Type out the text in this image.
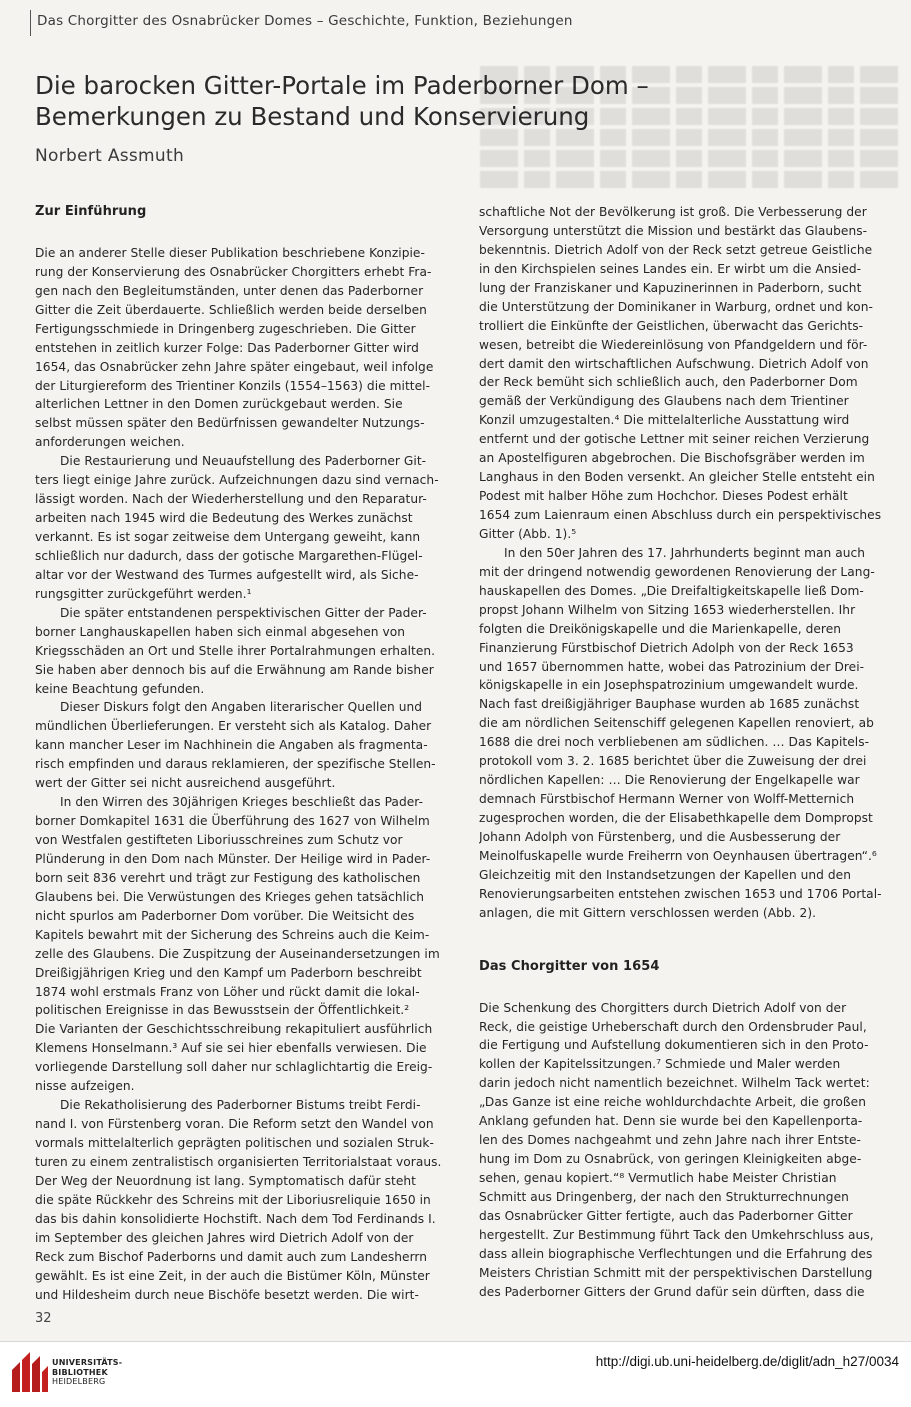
Das Chorgitter des Osnabrücker Domes – Geschichte, Funktion, Beziehungen
Die barocken Gitter-Portale im Paderborner Dom –
Bemerkungen zu Bestand und Konservierung
Norbert Assmuth
Zur Einführung
Die an anderer Stelle dieser Publikation beschriebene Konzipie-
rung der Konservierung des Osnabrücker Chorgitters erhebt Fra-
gen nach den Begleitumständen, unter denen das Paderborner
Gitter die Zeit überdauerte. Schließlich werden beide derselben
Fertigungsschmiede in Dringenberg zugeschrieben. Die Gitter
entstehen in zeitlich kurzer Folge: Das Paderborner Gitter wird
1654, das Osnabrücker zehn Jahre später eingebaut, weil infolge
der Liturgiereform des Trientiner Konzils (1554–1563) die mittel-
alterlichen Lettner in den Domen zurückgebaut werden. Sie
selbst müssen später den Bedürfnissen gewandelter Nutzungs-
anforderungen weichen.
Die Restaurierung und Neuaufstellung des Paderborner Git-
ters liegt einige Jahre zurück. Aufzeichnungen dazu sind vernach-
lässigt worden. Nach der Wiederherstellung und den Reparatur-
arbeiten nach 1945 wird die Bedeutung des Werkes zunächst
verkannt. Es ist sogar zeitweise dem Untergang geweiht, kann
schließlich nur dadurch, dass der gotische Margarethen-Flügel-
altar vor der Westwand des Turmes aufgestellt wird, als Siche-
rungsgitter zurückgeführt werden.¹
Die später entstandenen perspektivischen Gitter der Pader-
borner Langhauskapellen haben sich einmal abgesehen von
Kriegsschäden an Ort und Stelle ihrer Portalrahmungen erhalten.
Sie haben aber dennoch bis auf die Erwähnung am Rande bisher
keine Beachtung gefunden.
Dieser Diskurs folgt den Angaben literarischer Quellen und
mündlichen Überlieferungen. Er versteht sich als Katalog. Daher
kann mancher Leser im Nachhinein die Angaben als fragmenta-
risch empfinden und daraus reklamieren, der spezifische Stellen-
wert der Gitter sei nicht ausreichend ausgeführt.
In den Wirren des 30jährigen Krieges beschließt das Pader-
borner Domkapitel 1631 die Überführung des 1627 von Wilhelm
von Westfalen gestifteten Liboriusschreines zum Schutz vor
Plünderung in den Dom nach Münster. Der Heilige wird in Pader-
born seit 836 verehrt und trägt zur Festigung des katholischen
Glaubens bei. Die Verwüstungen des Krieges gehen tatsächlich
nicht spurlos am Paderborner Dom vorüber. Die Weitsicht des
Kapitels bewahrt mit der Sicherung des Schreins auch die Keim-
zelle des Glaubens. Die Zuspitzung der Auseinandersetzungen im
Dreißigjährigen Krieg und den Kampf um Paderborn beschreibt
1874 wohl erstmals Franz von Löher und rückt damit die lokal-
politischen Ereignisse in das Bewusstsein der Öffentlichkeit.²
Die Varianten der Geschichtsschreibung rekapituliert ausführlich
Klemens Honselmann.³ Auf sie sei hier ebenfalls verwiesen. Die
vorliegende Darstellung soll daher nur schlaglichtartig die Ereig-
nisse aufzeigen.
Die Rekatholisierung des Paderborner Bistums treibt Ferdi-
nand I. von Fürstenberg voran. Die Reform setzt den Wandel von
vormals mittelalterlich geprägten politischen und sozialen Struk-
turen zu einem zentralistisch organisierten Territorialstaat voraus.
Der Weg der Neuordnung ist lang. Symptomatisch dafür steht
die späte Rückkehr des Schreins mit der Liboriusreliquie 1650 in
das bis dahin konsolidierte Hochstift. Nach dem Tod Ferdinands I.
im September des gleichen Jahres wird Dietrich Adolf von der
Reck zum Bischof Paderborns und damit auch zum Landesherrn
gewählt. Es ist eine Zeit, in der auch die Bistümer Köln, Münster
und Hildesheim durch neue Bischöfe besetzt werden. Die wirt-
schaftliche Not der Bevölkerung ist groß. Die Verbesserung der
Versorgung unterstützt die Mission und bestärkt das Glaubens-
bekenntnis. Dietrich Adolf von der Reck setzt getreue Geistliche
in den Kirchspielen seines Landes ein. Er wirbt um die Ansied-
lung der Franziskaner und Kapuzinerinnen in Paderborn, sucht
die Unterstützung der Dominikaner in Warburg, ordnet und kon-
trolliert die Einkünfte der Geistlichen, überwacht das Gerichts-
wesen, betreibt die Wiedereinlösung von Pfandgeldern und för-
dert damit den wirtschaftlichen Aufschwung. Dietrich Adolf von
der Reck bemüht sich schließlich auch, den Paderborner Dom
gemäß der Verkündigung des Glaubens nach dem Trientiner
Konzil umzugestalten.⁴ Die mittelalterliche Ausstattung wird
entfernt und der gotische Lettner mit seiner reichen Verzierung
an Apostelfiguren abgebrochen. Die Bischofsgräber werden im
Langhaus in den Boden versenkt. An gleicher Stelle entsteht ein
Podest mit halber Höhe zum Hochchor. Dieses Podest erhält
1654 zum Laienraum einen Abschluss durch ein perspektivisches
Gitter (Abb. 1).⁵
In den 50er Jahren des 17. Jahrhunderts beginnt man auch
mit der dringend notwendig gewordenen Renovierung der Lang-
hauskapellen des Domes. „Die Dreifaltigkeitskapelle ließ Dom-
propst Johann Wilhelm von Sitzing 1653 wiederherstellen. Ihr
folgten die Dreikönigskapelle und die Marienkapelle, deren
Finanzierung Fürstbischof Dietrich Adolph von der Reck 1653
und 1657 übernommen hatte, wobei das Patrozinium der Drei-
königskapelle in ein Josephspatrozinium umgewandelt wurde.
Nach fast dreißigjähriger Bauphase wurden ab 1685 zunächst
die am nördlichen Seitenschiff gelegenen Kapellen renoviert, ab
1688 die drei noch verbliebenen am südlichen. … Das Kapitels-
protokoll vom 3. 2. 1685 berichtet über die Zuweisung der drei
nördlichen Kapellen: … Die Renovierung der Engelkapelle war
demnach Fürstbischof Hermann Werner von Wolff-Metternich
zugesprochen worden, die der Elisabethkapelle dem Dompropst
Johann Adolph von Fürstenberg, und die Ausbesserung der
Meinolfuskapelle wurde Freiherrn von Oeynhausen übertragen“.⁶
Gleichzeitig mit den Instandsetzungen der Kapellen und den
Renovierungsarbeiten entstehen zwischen 1653 und 1706 Portal-
anlagen, die mit Gittern verschlossen werden (Abb. 2).
Das Chorgitter von 1654
Die Schenkung des Chorgitters durch Dietrich Adolf von der
Reck, die geistige Urheberschaft durch den Ordensbruder Paul,
die Fertigung und Aufstellung dokumentieren sich in den Proto-
kollen der Kapitelssitzungen.⁷ Schmiede und Maler werden
darin jedoch nicht namentlich bezeichnet. Wilhelm Tack wertet:
„Das Ganze ist eine reiche wohldurchdachte Arbeit, die großen
Anklang gefunden hat. Denn sie wurde bei den Kapellenporta-
len des Domes nachgeahmt und zehn Jahre nach ihrer Entste-
hung im Dom zu Osnabrück, von geringen Kleinigkeiten abge-
sehen, genau kopiert.“⁸ Vermutlich habe Meister Christian
Schmitt aus Dringenberg, der nach den Strukturrechnungen
das Osnabrücker Gitter fertigte, auch das Paderborner Gitter
hergestellt. Zur Bestimmung führt Tack den Umkehrschluss aus,
dass allein biographische Verflechtungen und die Erfahrung des
Meisters Christian Schmitt mit der perspektivischen Darstellung
des Paderborner Gitters der Grund dafür sein dürften, dass die
32
UNIVERSITÄTS-
BIBLIOTHEK
HEIDELBERG
http://digi.ub.uni-heidelberg.de/diglit/adn_h27/0034
